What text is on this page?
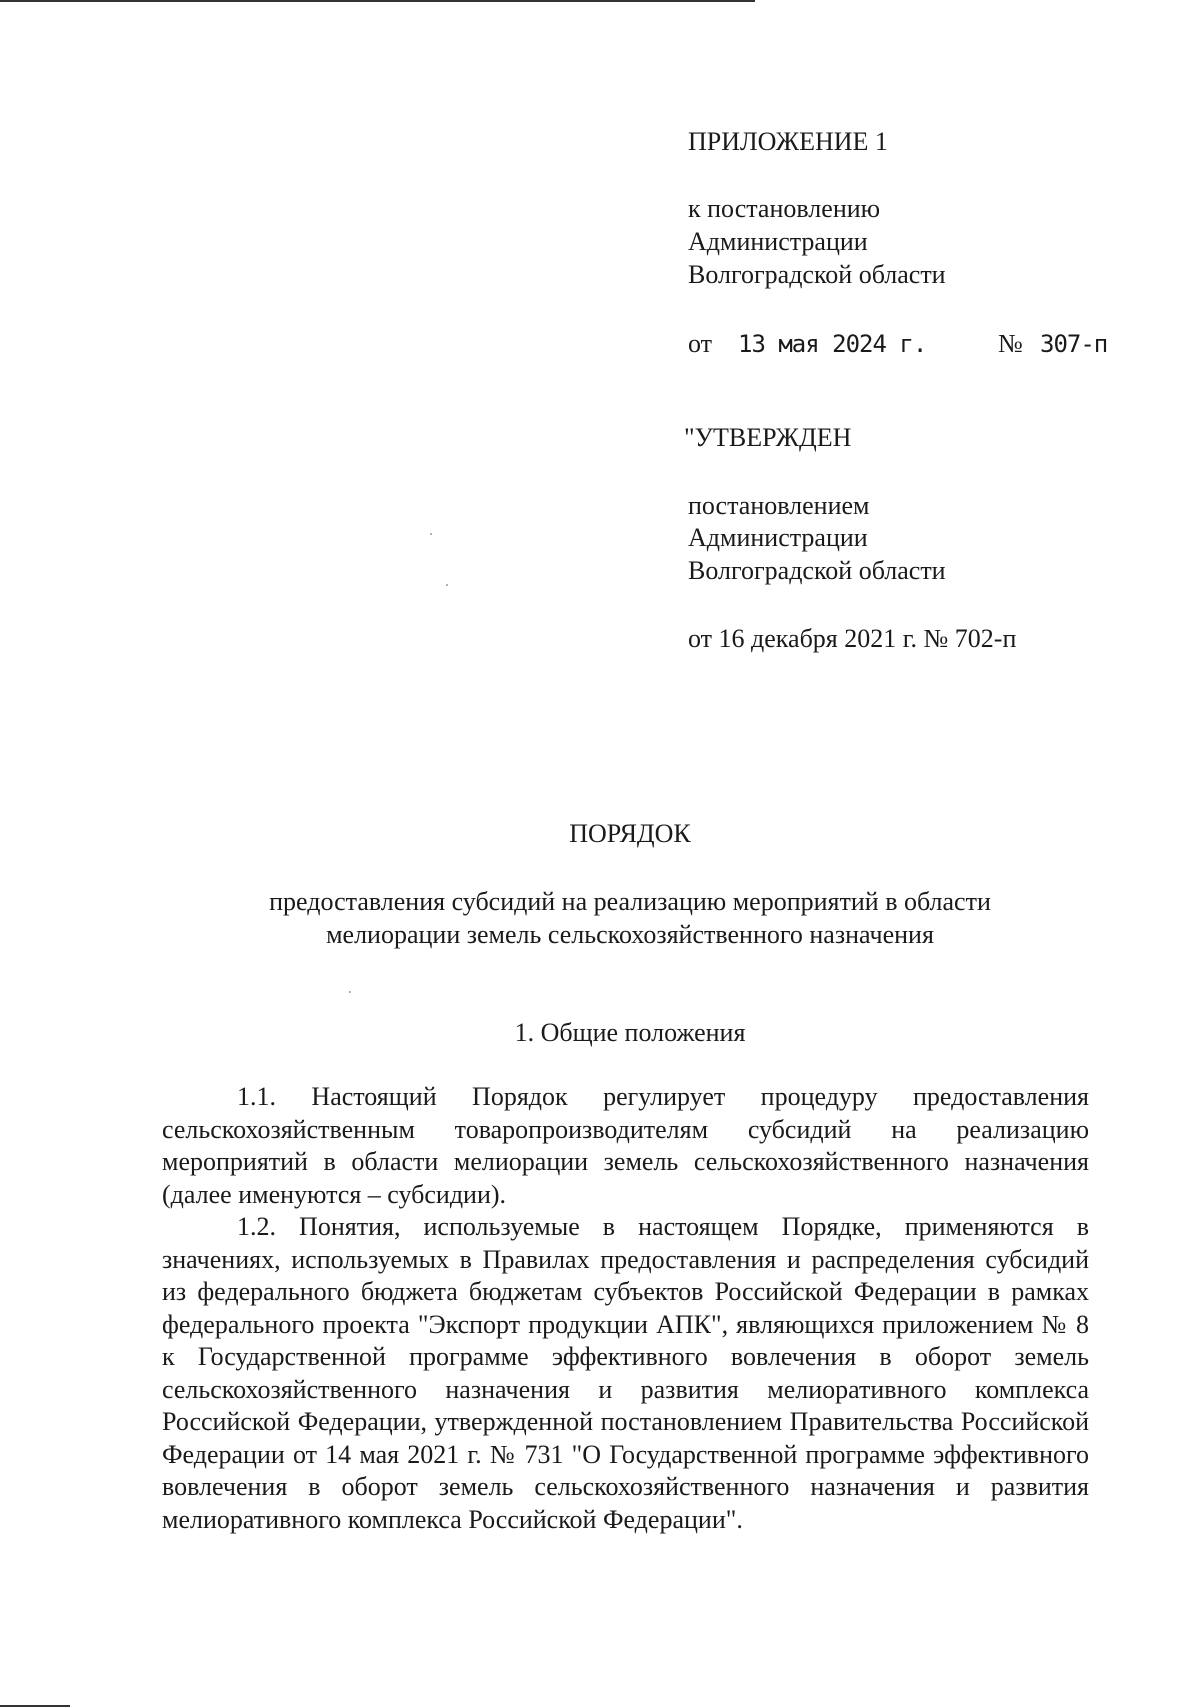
ПРИЛОЖЕНИЕ 1
к постановлению
Администрации
Волгоградской области
от 13 мая 2024 г.	№ 307-п
"УТВЕРЖДЕН
постановлением
Администрации
Волгоградской области
от 16 декабря 2021 г. № 702-п
ПОРЯДОК
предоставления субсидий на реализацию мероприятий в области
мелиорации земель сельскохозяйственного назначения
1. Общие положения

1.1. Настоящий Порядок регулирует процедуру предоставления сельскохозяйственным товаропроизводителям субсидий на реализацию мероприятий в области мелиорации земель сельскохозяйственного назначения (далее именуются – субсидии).

1.2. Понятия, используемые в настоящем Порядке, применяются в значениях, используемых в Правилах предоставления и распределения субсидий из федерального бюджета бюджетам субъектов Российской Федерации в рамках федерального проекта "Экспорт продукции АПК", являющихся приложением № 8 к Государственной программе эффективного вовлечения в оборот земель сельскохозяйственного назначения и развития мелиоративного комплекса Российской Федерации, утвержденной постановлением Правительства Российской Федерации от 14 мая 2021 г. № 731 "О Государственной программе эффективного вовлечения в оборот земель сельскохозяйственного назначения и развития мелиоративного комплекса Российской Федерации".
